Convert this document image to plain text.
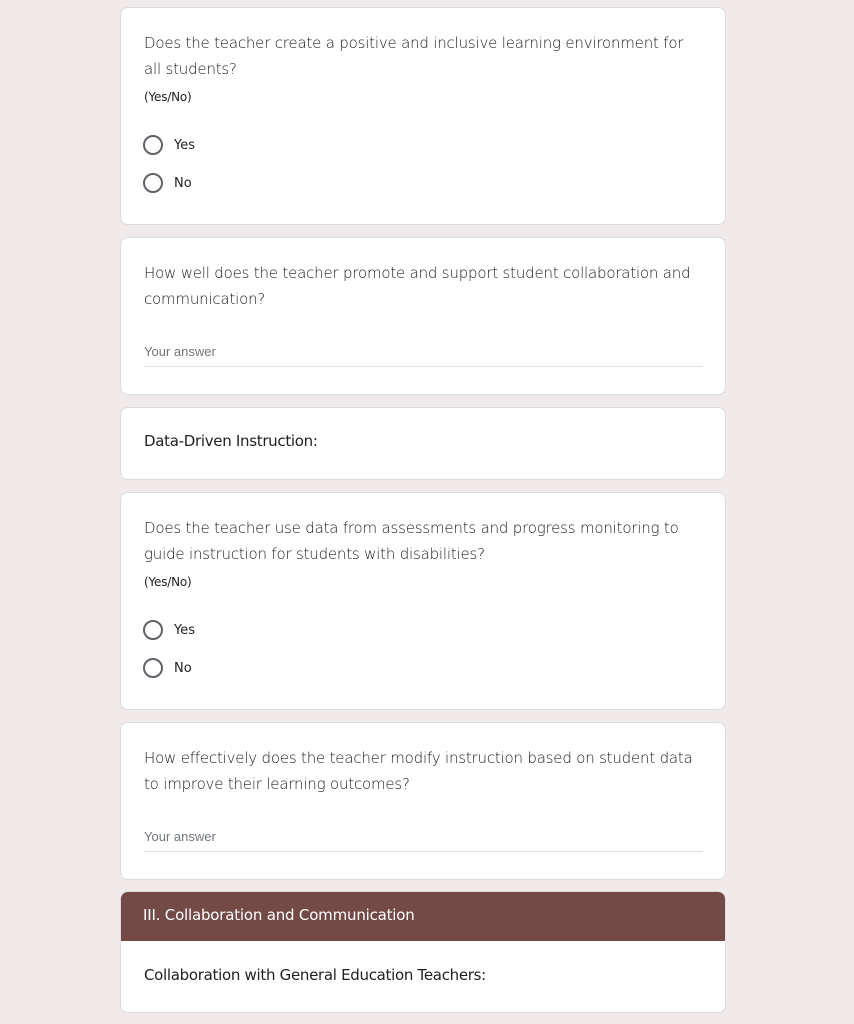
Does the teacher create a positive and inclusive learning environment for all students?
(Yes/No)
Yes
No
How well does the teacher promote and support student collaboration and communication?
Your answer
Data-Driven Instruction:
Does the teacher use data from assessments and progress monitoring to guide instruction for students with disabilities?
(Yes/No)
Yes
No
How effectively does the teacher modify instruction based on student data to improve their learning outcomes?
Your answer
III. Collaboration and Communication
Collaboration with General Education Teachers:
